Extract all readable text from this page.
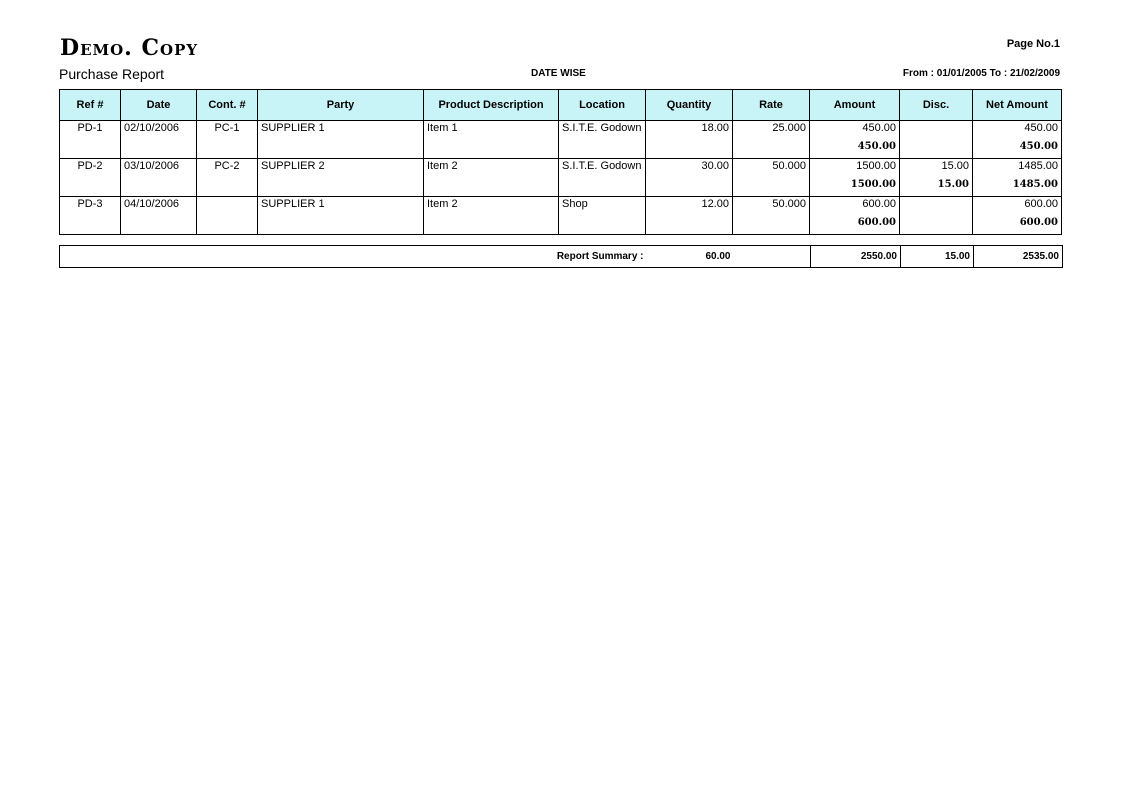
Demo. Copy	Page No.1
Purchase Report	DATE WISE	From : 01/01/2005 To : 21/02/2009
Ref #	Date	Cont. #	Party	Product Description	Location	Quantity	Rate	Amount	Disc.	Net Amount
PD-1	02/10/2006	PC-1	SUPPLIER 1	Item 1	S.I.T.E. Godown	18.00	25.000	450.00		450.00
								450.00		450.00
PD-2	03/10/2006	PC-2	SUPPLIER 2	Item 2	S.I.T.E. Godown	30.00	50.000	1500.00	15.00	1485.00
								1500.00	15.00	1485.00
PD-3	04/10/2006		SUPPLIER 1	Item 2	Shop	12.00	50.000	600.00		600.00
								600.00		600.00
Report Summary :	60.00		2550.00	15.00	2535.00
